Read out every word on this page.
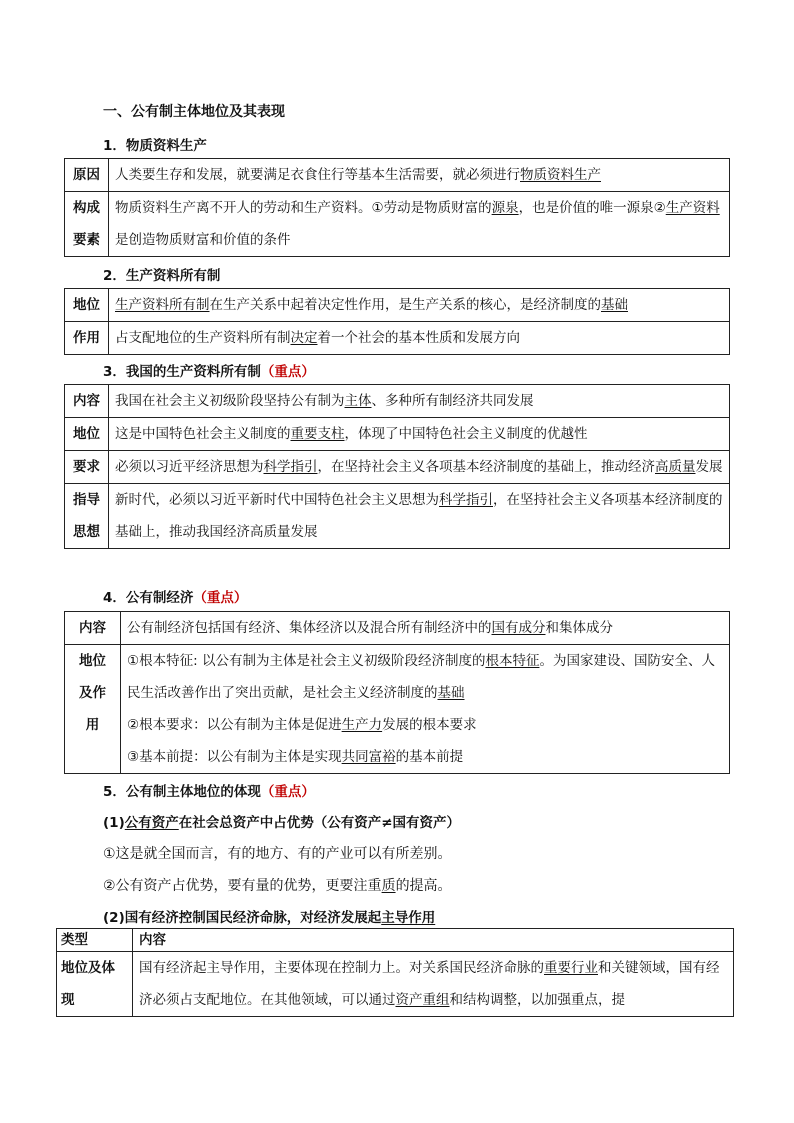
一、公有制主体地位及其表现
1．物质资料生产
原因	人类要生存和发展，就要满足衣食住行等基本生活需要，就必须进行物质资料生产
构成要素	物质资料生产离不开人的劳动和生产资料。①劳动是物质财富的源泉，也是价值的唯一源泉②生产资料是创造物质财富和价值的条件
2．生产资料所有制
地位	生产资料所有制在生产关系中起着决定性作用，是生产关系的核心，是经济制度的基础
作用	占支配地位的生产资料所有制决定着一个社会的基本性质和发展方向
3．我国的生产资料所有制（重点）
内容	我国在社会主义初级阶段坚持公有制为主体、多种所有制经济共同发展
地位	这是中国特色社会主义制度的重要支柱，体现了中国特色社会主义制度的优越性
要求	必须以习近平经济思想为科学指引，在坚持社会主义各项基本经济制度的基础上，推动经济高质量发展
指导思想	新时代，必须以习近平新时代中国特色社会主义思想为科学指引，在坚持社会主义各项基本经济制度的基础上，推动我国经济高质量发展
4．公有制经济（重点）
内容	公有制经济包括国有经济、集体经济以及混合所有制经济中的国有成分和集体成分
地位及作用	①根本特征: 以公有制为主体是社会主义初级阶段经济制度的根本特征。为国家建设、国防安全、人民生活改善作出了突出贡献，是社会主义经济制度的基础
②根本要求：以公有制为主体是促进生产力发展的根本要求
③基本前提：以公有制为主体是实现共同富裕的基本前提
5．公有制主体地位的体现（重点）
(1)公有资产在社会总资产中占优势（公有资产≠国有资产）
①这是就全国而言，有的地方、有的产业可以有所差别。
②公有资产占优势，要有量的优势，更要注重质的提高。
(2)国有经济控制国民经济命脉，对经济发展起主导作用
类型	内容
地位及体现	国有经济起主导作用，主要体现在控制力上。对关系国民经济命脉的重要行业和关键领域，国有经济必须占支配地位。在其他领域，可以通过资产重组和结构调整，以加强重点，提
